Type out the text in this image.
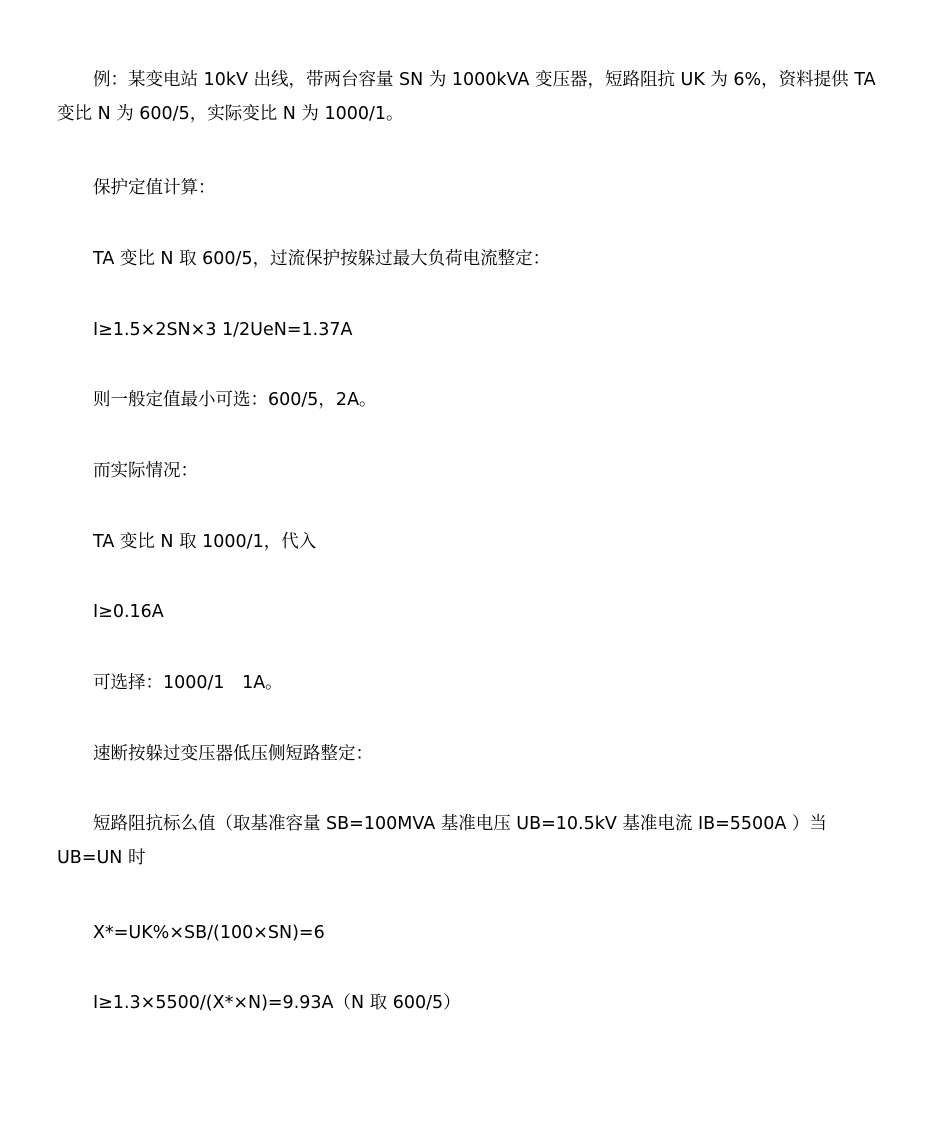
例：某变电站 10kV 出线，带两台容量 SN 为 1000kVA 变压器，短路阻抗 UK 为 6%，资料提供 TA 变比 N 为 600/5，实际变比 N 为 1000/1。

保护定值计算：

TA 变比 N 取 600/5，过流保护按躲过最大负荷电流整定：

I≥1.5×2SN×3 1/2UeN=1.37A

则一般定值最小可选：600/5，2A。

而实际情况：

TA 变比 N 取 1000/1，代入

I≥0.16A

可选择：1000/1　1A。

速断按躲过变压器低压侧短路整定：

短路阻抗标么值（取基准容量 SB=100MVA 基准电压 UB=10.5kV 基准电流 IB=5500A ）当 UB=UN 时

X*=UK%×SB/(100×SN)=6

I≥1.3×5500/(X*×N)=9.93A（N 取 600/5）
